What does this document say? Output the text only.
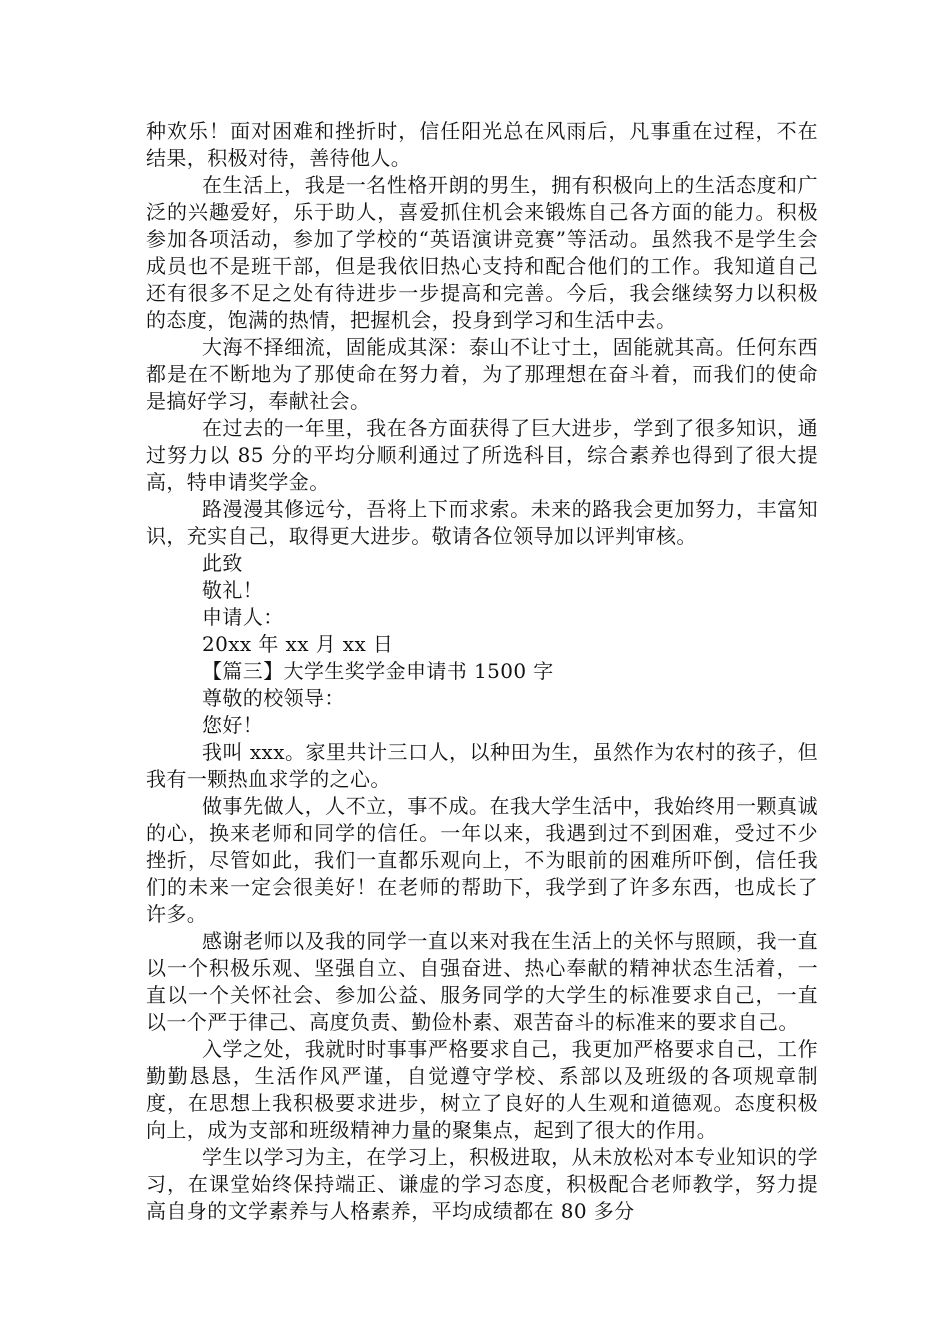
种欢乐！面对困难和挫折时，信任阳光总在风雨后，凡事重在过程，不在结果，积极对待，善待他人。

在生活上，我是一名性格开朗的男生，拥有积极向上的生活态度和广泛的兴趣爱好，乐于助人，喜爱抓住机会来锻炼自己各方面的能力。积极参加各项活动，参加了学校的“英语演讲竞赛”等活动。虽然我不是学生会成员也不是班干部，但是我依旧热心支持和配合他们的工作。我知道自己还有很多不足之处有待进步一步提高和完善。今后，我会继续努力以积极的态度，饱满的热情，把握机会，投身到学习和生活中去。

大海不择细流，固能成其深：泰山不让寸土，固能就其高。任何东西都是在不断地为了那使命在努力着，为了那理想在奋斗着，而我们的使命是搞好学习，奉献社会。

在过去的一年里，我在各方面获得了巨大进步，学到了很多知识，通过努力以 85 分的平均分顺利通过了所选科目，综合素养也得到了很大提高，特申请奖学金。

路漫漫其修远兮，吾将上下而求索。未来的路我会更加努力，丰富知识，充实自己，取得更大进步。敬请各位领导加以评判审核。

此致

敬礼！

申请人：

20xx 年 xx 月 xx 日

【篇三】大学生奖学金申请书 1500 字

尊敬的校领导：

您好！

我叫 xxx。家里共计三口人，以种田为生，虽然作为农村的孩子，但我有一颗热血求学的之心。

做事先做人，人不立，事不成。在我大学生活中，我始终用一颗真诚的心，换来老师和同学的信任。一年以来，我遇到过不到困难，受过不少挫折，尽管如此，我们一直都乐观向上，不为眼前的困难所吓倒，信任我们的未来一定会很美好！在老师的帮助下，我学到了许多东西，也成长了许多。

感谢老师以及我的同学一直以来对我在生活上的关怀与照顾，我一直以一个积极乐观、坚强自立、自强奋进、热心奉献的精神状态生活着，一直以一个关怀社会、参加公益、服务同学的大学生的标准要求自己，一直以一个严于律己、高度负责、勤俭朴素、艰苦奋斗的标准来的要求自己。

入学之处，我就时时事事严格要求自己，我更加严格要求自己，工作勤勤恳恳，生活作风严谨，自觉遵守学校、系部以及班级的各项规章制度，在思想上我积极要求进步，树立了良好的人生观和道德观。态度积极向上，成为支部和班级精神力量的聚集点，起到了很大的作用。

学生以学习为主，在学习上，积极进取，从未放松对本专业知识的学习，在课堂始终保持端正、谦虚的学习态度，积极配合老师教学，努力提高自身的文学素养与人格素养，平均成绩都在 80 多分
